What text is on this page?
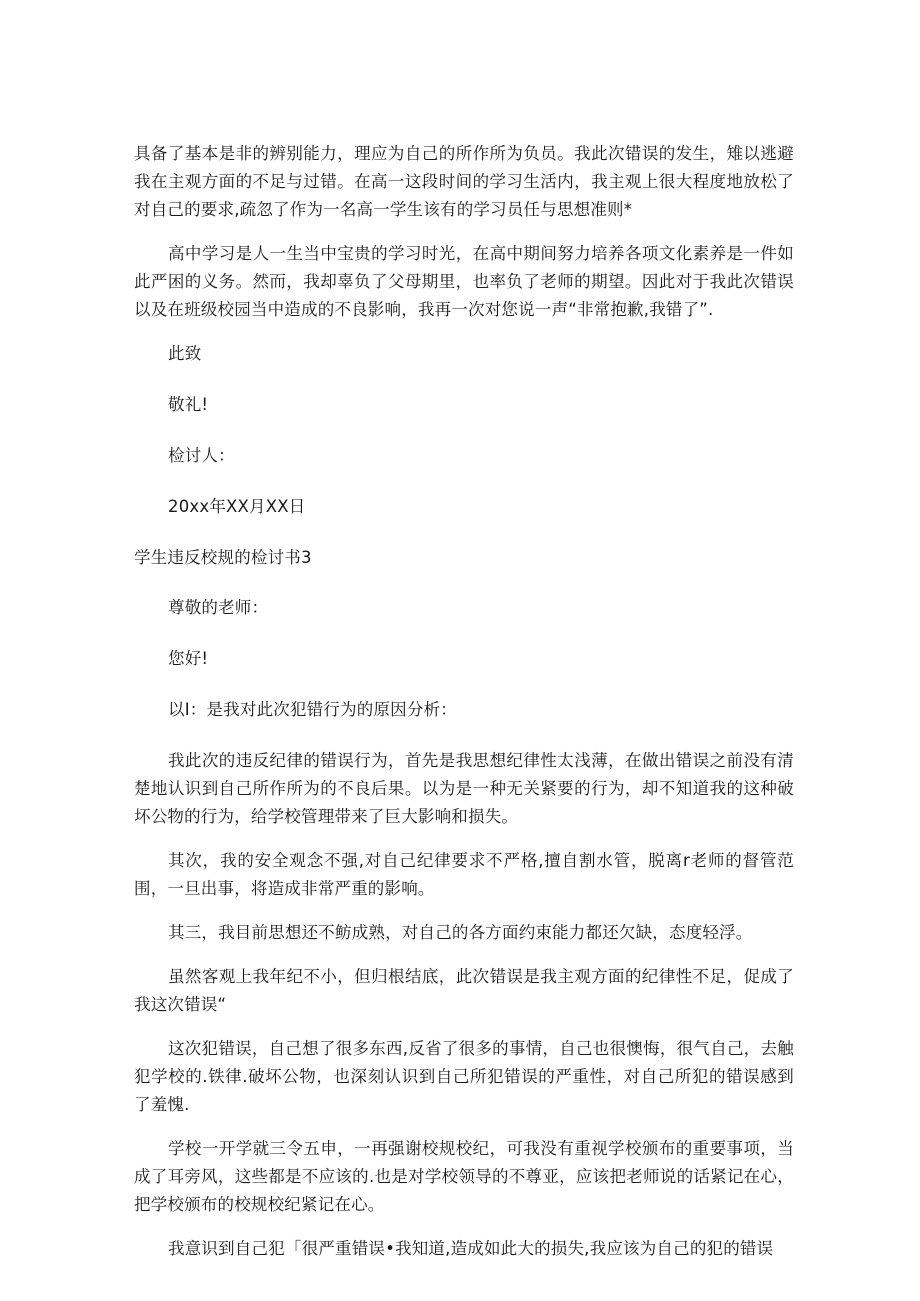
具备了基本是非的辨别能力，理应为自己的所作所为负员。我此次错误的发生，雉以逃避我在主观方面的不足与过错。在高一这段时间的学习生活内，我主观上很大程度地放松了对自己的要求,疏忽了作为一名高一学生该有的学习员任与思想准则*

高中学习是人一生当中宝贵的学习时光，在高中期间努力培养各项文化素养是一件如此严困的义务。然而，我却辜负了父母期里，也率负了老师的期望。因此对于我此次错误以及在班级校园当中造成的不良影响，我再一次对您说一声“非常抱歉,我错了”.

此致

敬礼!

检讨人：

20xx年XX月XX日

学生违反校规的检讨书3

尊敬的老师：

您好!

以I：是我对此次犯错行为的原因分析：

我此次的违反纪律的错误行为，首先是我思想纪律性太浅薄，在做出错误之前没有清楚地认识到自己所作所为的不良后果。以为是一种无关紧要的行为，却不知道我的这种破坏公物的行为，给学校管理带来了巨大影响和损失。

其次，我的安全观念不强,对自己纪律要求不严格,擅自割水管，脱离r老师的督管范围，一旦出事，将造成非常严重的影响。

其三，我目前思想还不鲂成熟，对自己的各方面约束能力都还欠缺，态度轻浮。

虽然客观上我年纪不小，但归根结底，此次错误是我主观方面的纪律性不足，促成了我这次错误“

这次犯错误，自己想了很多东西,反省了很多的事情，自己也很懊悔，很气自己，去触犯学校的.铁律.破坏公物，也深刻认识到自己所犯错误的严重性，对自己所犯的错误感到了羞愧.

学校一开学就三令五申，一再强谢校规校纪，可我没有重视学校颁布的重要事项，当成了耳旁风，这些都是不应该的.也是对学校领导的不尊亚，应该把老师说的话紧记在心，把学校颁布的校规校纪紧记在心。

我意识到自己犯「很严重错误•我知道,造成如此大的损失,我应该为自己的犯的错误
